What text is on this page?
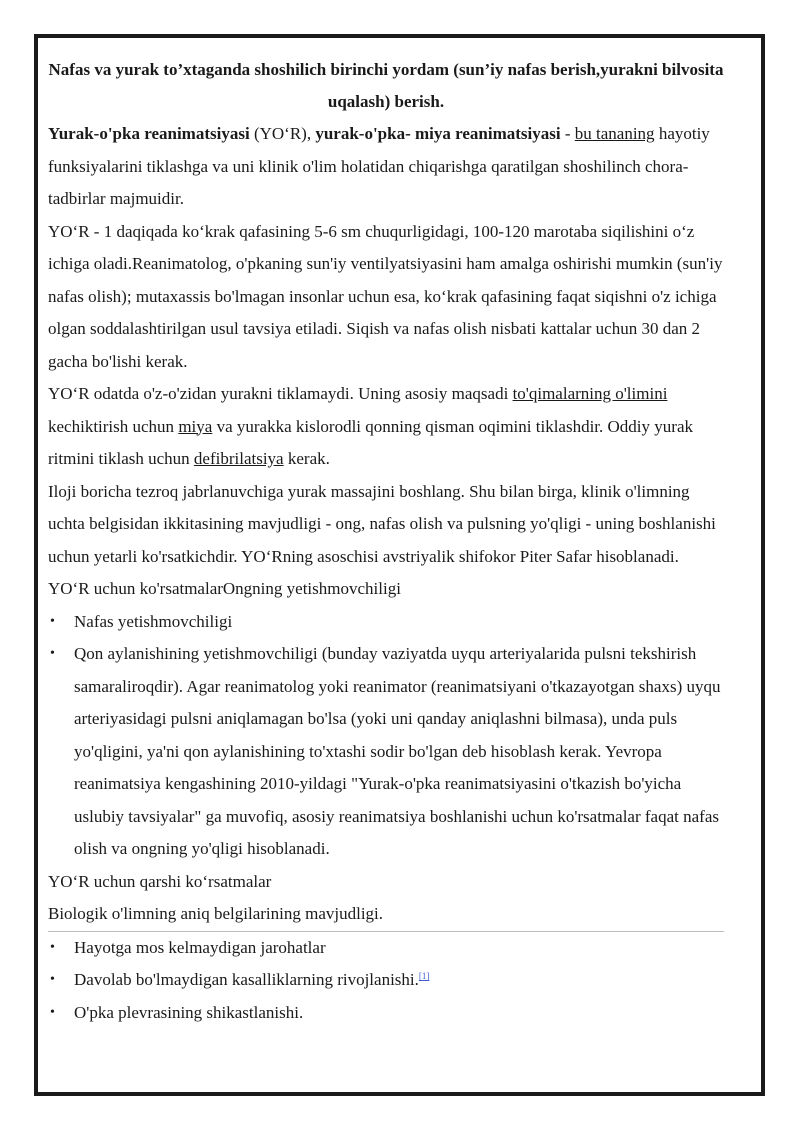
Nafas va yurak to’xtaganda shoshilich birinchi yordam (sun’iy nafas berish,yurakni bilvosita uqalash) berish.

Yurak-o'pka reanimatsiyasi (YO‘R), yurak-o'pka- miya reanimatsiyasi - bu tananing hayotiy funksiyalarini tiklashga va uni klinik o'lim holatidan chiqarishga qaratilgan shoshilinch chora-tadbirlar majmuidir.

YO‘R - 1 daqiqada ko‘krak qafasining 5-6 sm chuqurligidagi, 100-120 marotaba siqilishini o‘z ichiga oladi.Reanimatolog, o'pkaning sun'iy ventilyatsiyasini ham amalga oshirishi mumkin (sun'iy nafas olish); mutaxassis bo'lmagan insonlar uchun esa, ko‘krak qafasining faqat siqishni o'z ichiga olgan soddalashtirilgan usul tavsiya etiladi. Siqish va nafas olish nisbati kattalar uchun 30 dan 2 gacha bo'lishi kerak.

YO‘R odatda o'z-o'zidan yurakni tiklamaydi. Uning asosiy maqsadi to'qimalarning o'limini kechiktirish uchun miya va yurakka kislorodli qonning qisman oqimini tiklashdir. Oddiy yurak ritmini tiklash uchun defibrilatsiya kerak.

Iloji boricha tezroq jabrlanuvchiga yurak massajini boshlang. Shu bilan birga, klinik o'limning uchta belgisidan ikkitasining mavjudligi - ong, nafas olish va pulsning yo'qligi - uning boshlanishi uchun yetarli ko'rsatkichdir. YO‘Rning asoschisi avstriyalik shifokor Piter Safar hisoblanadi. YO‘R uchun ko'rsatmalarOngning yetishmovchiligi

• Nafas yetishmovchiligi
• Qon aylanishining yetishmovchiligi (bunday vaziyatda uyqu arteriyalarida pulsni tekshirish samaraliroqdir). Agar reanimatolog yoki reanimator (reanimatsiyani o'tkazayotgan shaxs) uyqu arteriyasidagi pulsni aniqlamagan bo'lsa (yoki uni qanday aniqlashni bilmasa), unda puls yo'qligini, ya'ni qon aylanishining to'xtashi sodir bo'lgan deb hisoblash kerak. Yevropa reanimatsiya kengashining 2010-yildagi "Yurak-o'pka reanimatsiyasini o'tkazish bo'yicha uslubiy tavsiyalar" ga muvofiq, asosiy reanimatsiya boshlanishi uchun ko'rsatmalar faqat nafas olish va ongning yo'qligi hisoblanadi.

YO‘R uchun qarshi ko‘rsatmalar

Biologik o'limning aniq belgilarining mavjudligi.

• Hayotga mos kelmaydigan jarohatlar
• Davolab bo'lmaydigan kasalliklarning rivojlanishi.[1]
• O'pka plevrasining shikastlanishi.
